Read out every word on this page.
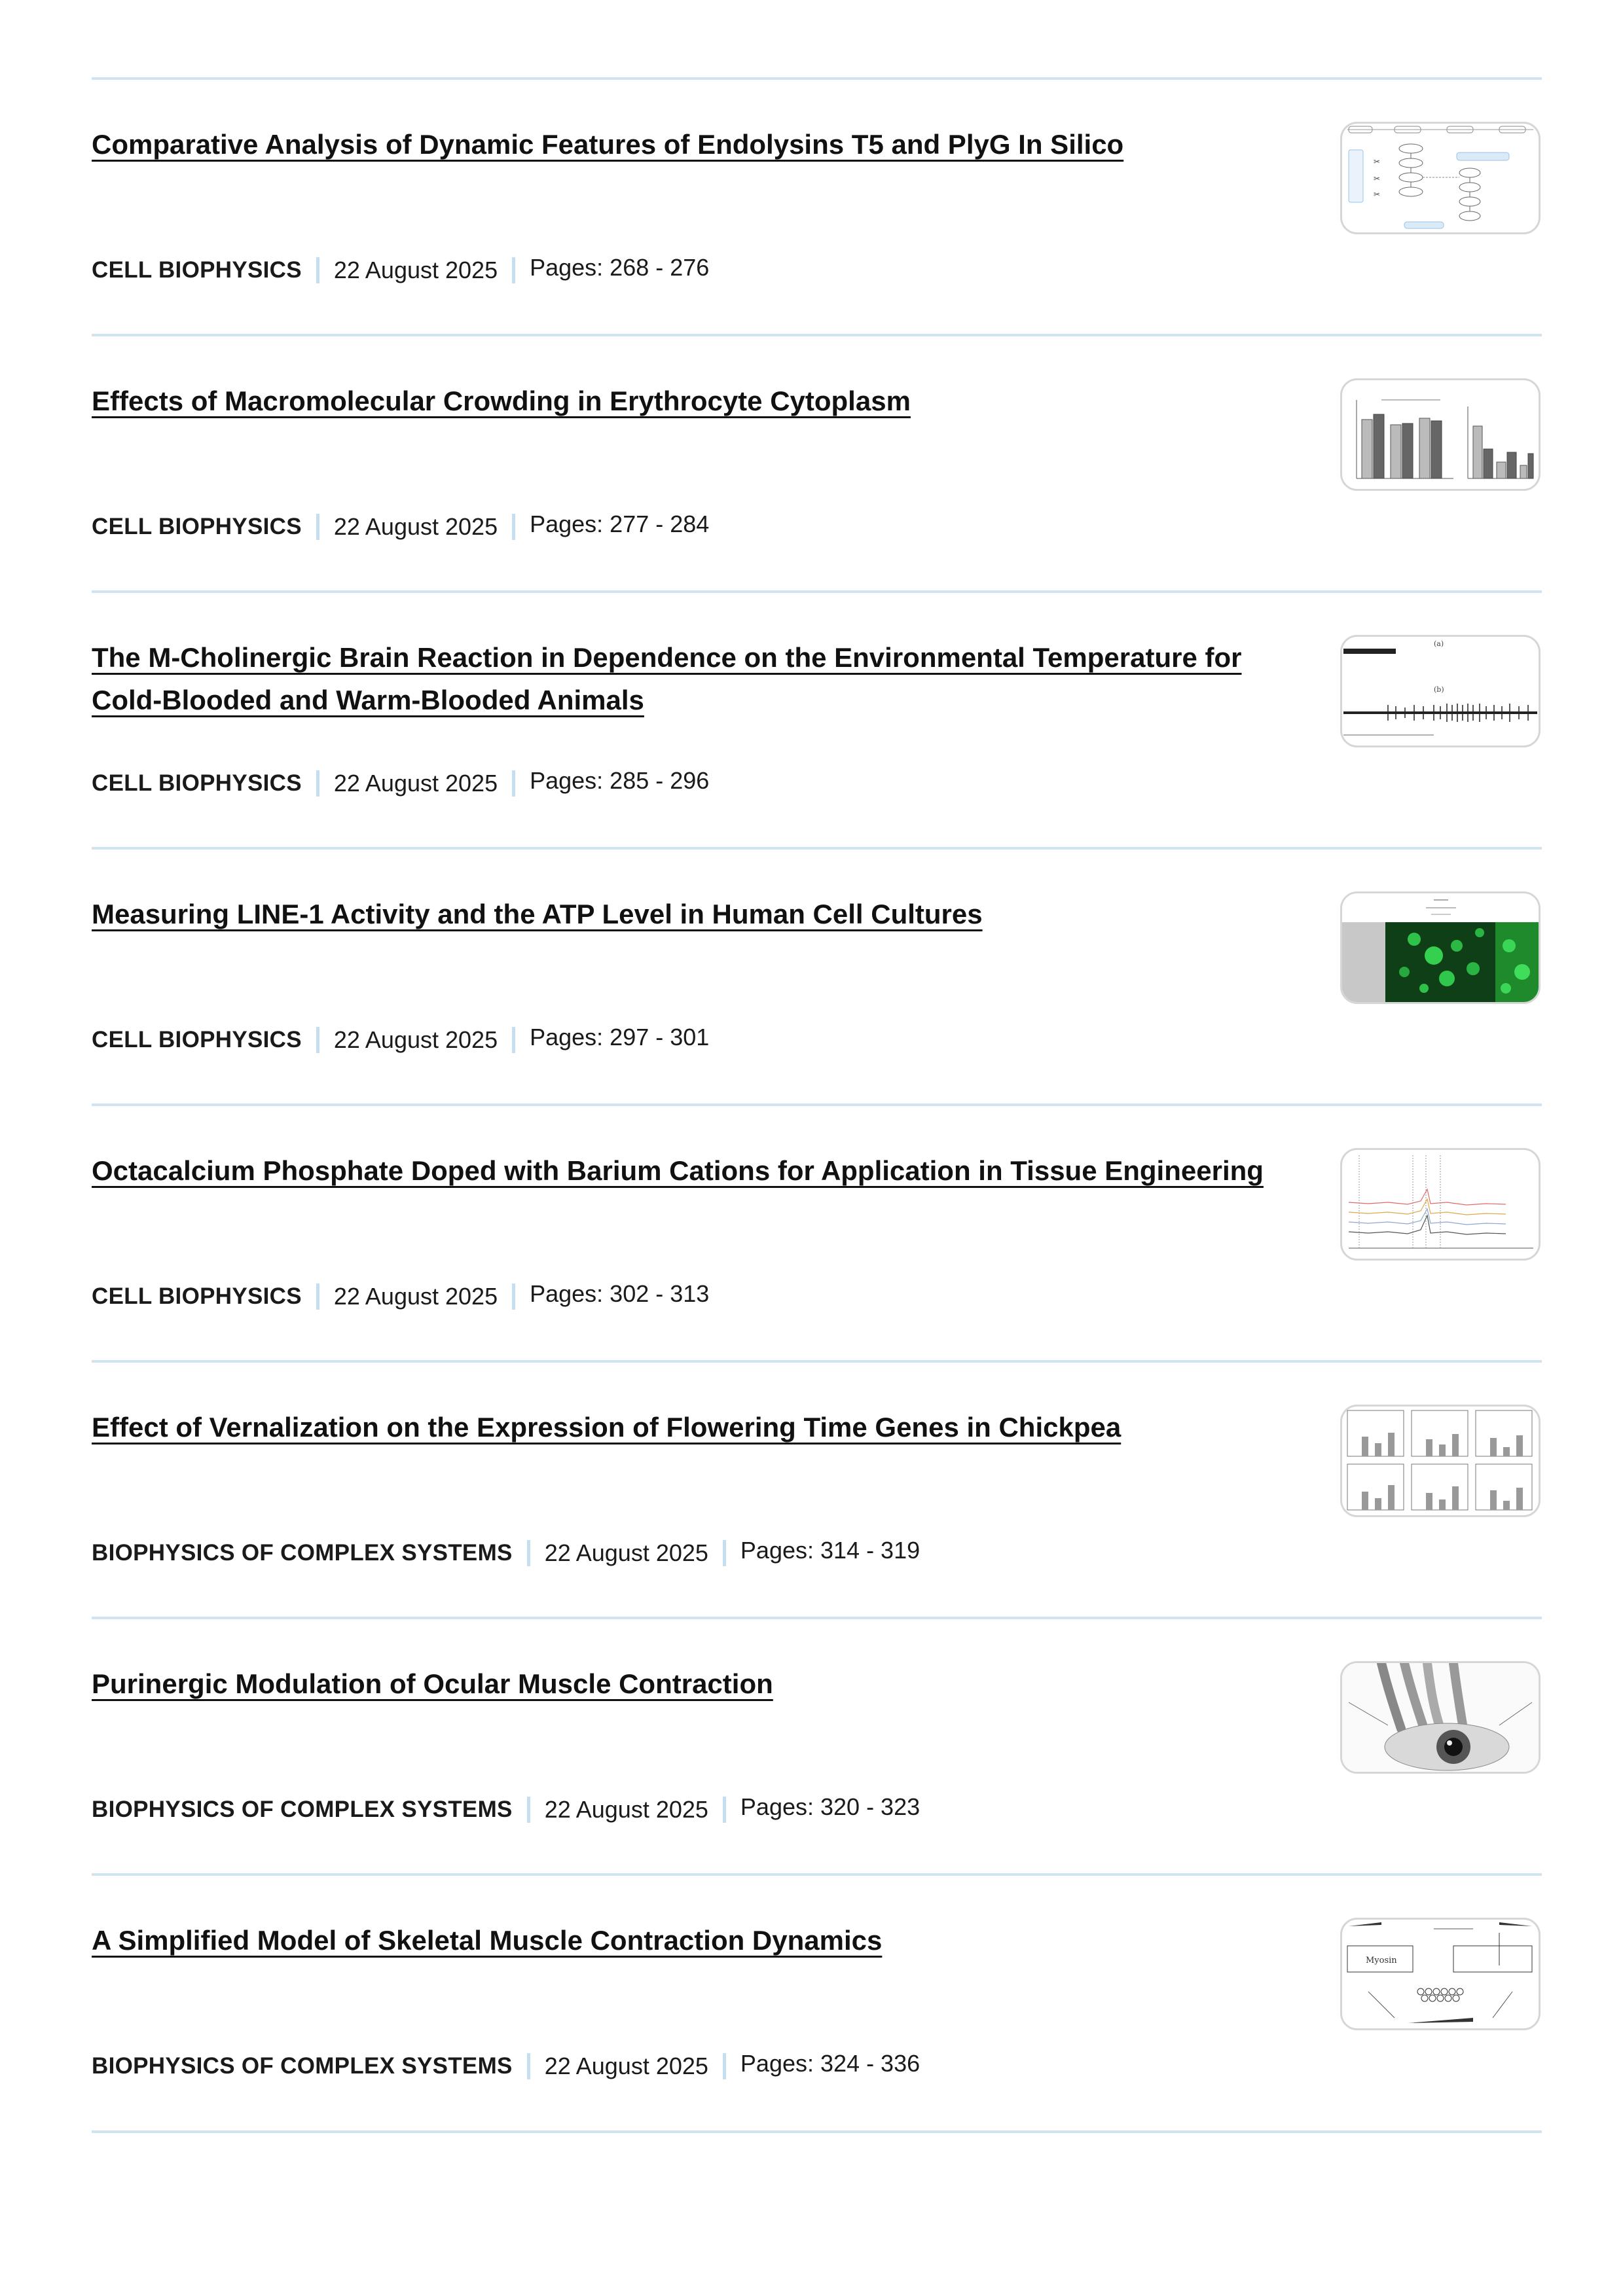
Comparative Analysis of Dynamic Features of Endolysins T5 and PlyG In Silico
CELL BIOPHYSICS 22 August 2025 Pages: 268 - 276
✂
✂
✂
Effects of Macromolecular Crowding in Erythrocyte Cytoplasm
CELL BIOPHYSICS 22 August 2025 Pages: 277 - 284
The M-Cholinergic Brain Reaction in Dependence on the Environmental Temperature for Cold-Blooded and Warm-Blooded Animals
CELL BIOPHYSICS 22 August 2025 Pages: 285 - 296
(a)
(b)
Measuring LINE-1 Activity and the ATP Level in Human Cell Cultures
CELL BIOPHYSICS 22 August 2025 Pages: 297 - 301
Octacalcium Phosphate Doped with Barium Cations for Application in Tissue Engineering
CELL BIOPHYSICS 22 August 2025 Pages: 302 - 313
Effect of Vernalization on the Expression of Flowering Time Genes in Chickpea
BIOPHYSICS OF COMPLEX SYSTEMS 22 August 2025 Pages: 314 - 319
Purinergic Modulation of Ocular Muscle Contraction
BIOPHYSICS OF COMPLEX SYSTEMS 22 August 2025 Pages: 320 - 323
A Simplified Model of Skeletal Muscle Contraction Dynamics
BIOPHYSICS OF COMPLEX SYSTEMS 22 August 2025 Pages: 324 - 336
Myosin
